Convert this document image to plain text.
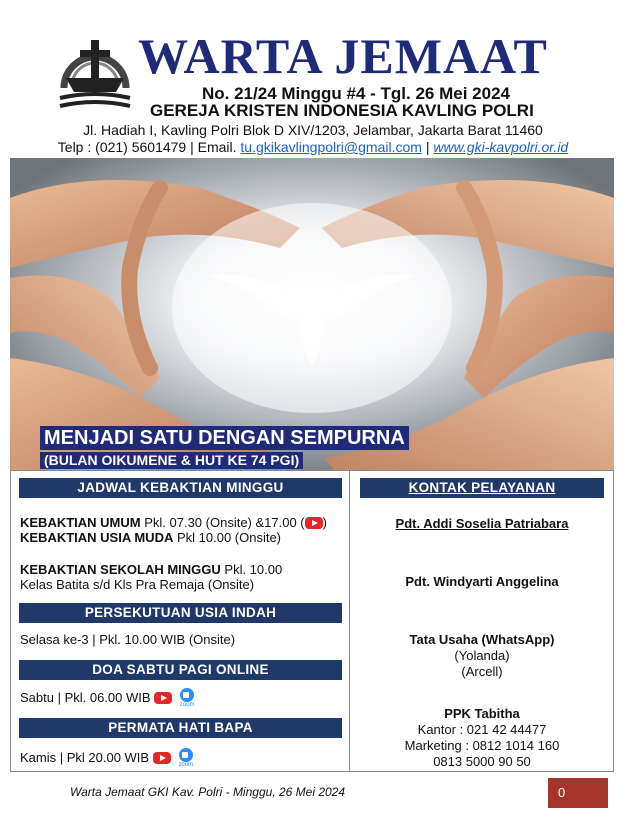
WARTA JEMAAT
No. 21/24 Minggu #4 - Tgl. 26 Mei 2024
GEREJA KRISTEN INDONESIA KAVLING POLRI
Jl. Hadiah I, Kavling Polri Blok D XIV/1203, Jelambar, Jakarta Barat 11460
Telp : (021) 5601479 | Email. tu.gkikavlingpolri@gmail.com | www.gki-kavpolri.or.id
MENJADI SATU DENGAN SEMPURNA
(BULAN OIKUMENE & HUT KE 74 PGI)
JADWAL KEBAKTIAN MINGGU
KEBAKTIAN UMUM Pkl. 07.30 (Onsite) &17.00 ( )
KEBAKTIAN USIA MUDA Pkl 10.00 (Onsite)
KEBAKTIAN SEKOLAH MINGGU Pkl. 10.00
Kelas Batita s/d Kls Pra Remaja (Onsite)
PERSEKUTUAN USIA INDAH
Selasa ke-3 | Pkl. 10.00 WIB (Onsite)
DOA SABTU PAGI ONLINE
Sabtu | Pkl. 06.00 WIB	zoom
PERMATA HATI BAPA
Kamis | Pkl 20.00 WIB	zoom
KONTAK PELAYANAN
Pdt. Addi Soselia Patriabara
Pdt. Windyarti Anggelina
Tata Usaha (WhatsApp)
(Yolanda)
(Arcell)
PPK Tabitha
Kantor : 021 42 44477
Marketing : 0812 1014 160
0813 5000 90 50
Warta Jemaat GKI Kav. Polri - Minggu, 26 Mei 2024	0
